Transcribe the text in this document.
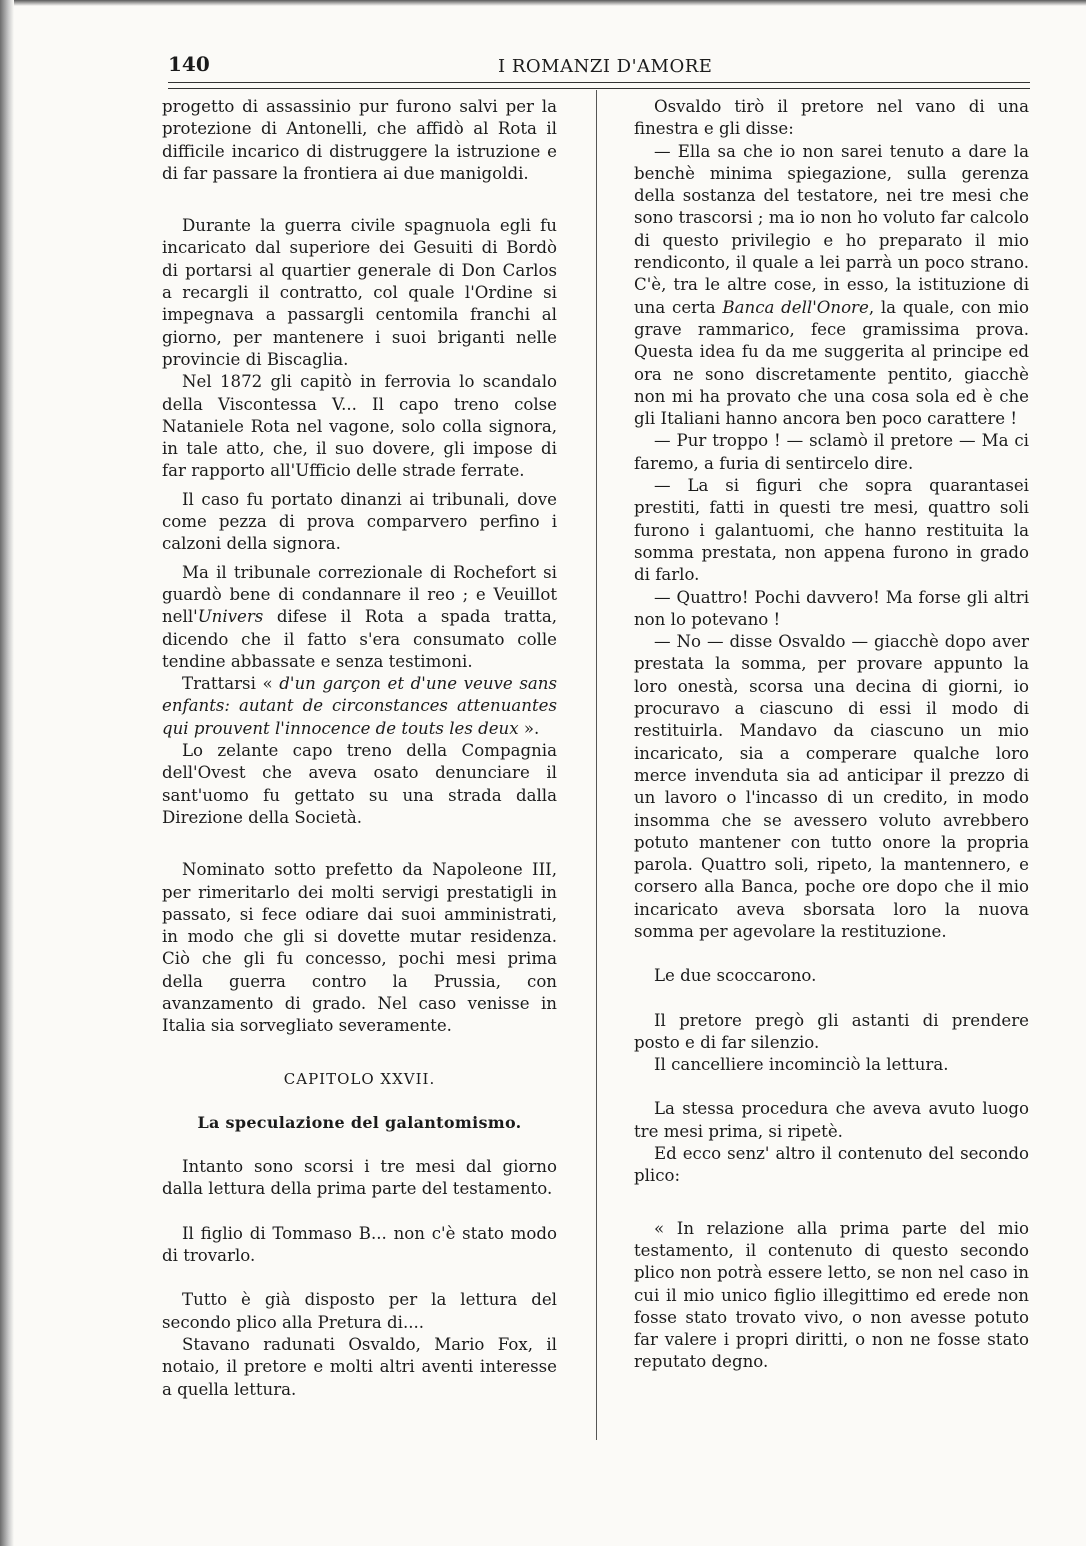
140	I ROMANZI D'AMORE

progetto di assassinio pur furono salvi per la protezione di Antonelli, che affidò al Rota il difficile incarico di distruggere la istruzione e di far passare la frontiera ai due manigoldi.

Durante la guerra civile spagnuola egli fu incaricato dal superiore dei Gesuiti di Bordò di portarsi al quartier generale di Don Carlos a recargli il contratto, col quale l'Ordine si impegnava a passargli centomila franchi al giorno, per mantenere i suoi briganti nelle provincie di Biscaglia.

Nel 1872 gli capitò in ferrovia lo scandalo della Viscontessa V... Il capo treno colse Nataniele Rota nel vagone, solo colla signora, in tale atto, che, il suo dovere, gli impose di far rapporto all'Ufficio delle strade ferrate.

Il caso fu portato dinanzi ai tribunali, dove come pezza di prova comparvero perfino i calzoni della signora.

Ma il tribunale correzionale di Rochefort si guardò bene di condannare il reo ; e Veuillot nell'Univers difese il Rota a spada tratta, dicendo che il fatto s'era consumato colle tendine abbassate e senza testimoni.

Trattarsi « d'un garçon et d'une veuve sans enfants: autant de circonstances attenuantes qui prouvent l'innocence de touts les deux ».

Lo zelante capo treno della Compagnia dell'Ovest che aveva osato denunciare il sant'uomo fu gettato su una strada dalla Direzione della Società.

Nominato sotto prefetto da Napoleone III, per rimeritarlo dei molti servigi prestatigli in passato, si fece odiare dai suoi amministrati, in modo che gli si dovette mutar residenza. Ciò che gli fu concesso, pochi mesi prima della guerra contro la Prussia, con avanzamento di grado. Nel caso venisse in Italia sia sorvegliato severamente.

CAPITOLO XXVII.

La speculazione del galantomismo.

Intanto sono scorsi i tre mesi dal giorno dalla lettura della prima parte del testamento.

Il figlio di Tommaso B... non c'è stato modo di trovarlo.

Tutto è già disposto per la lettura del secondo plico alla Pretura di....

Stavano radunati Osvaldo, Mario Fox, il notaio, il pretore e molti altri aventi interesse a quella lettura.

Osvaldo tirò il pretore nel vano di una finestra e gli disse:

— Ella sa che io non sarei tenuto a dare la benchè minima spiegazione, sulla gerenza della sostanza del testatore, nei tre mesi che sono trascorsi ; ma io non ho voluto far calcolo di questo privilegio e ho preparato il mio rendiconto, il quale a lei parrà un poco strano. C'è, tra le altre cose, in esso, la istituzione di una certa Banca dell'Onore, la quale, con mio grave rammarico, fece gramissima prova. Questa idea fu da me suggerita al principe ed ora ne sono discretamente pentito, giacchè non mi ha provato che una cosa sola ed è che gli Italiani hanno ancora ben poco carattere !

— Pur troppo ! — sclamò il pretore — Ma ci faremo, a furia di sentircelo dire.

— La si figuri che sopra quarantasei prestiti, fatti in questi tre mesi, quattro soli furono i galantuomi, che hanno restituita la somma prestata, non appena furono in grado di farlo.

— Quattro! Pochi davvero! Ma forse gli altri non lo potevano !

— No — disse Osvaldo — giacchè dopo aver prestata la somma, per provare appunto la loro onestà, scorsa una decina di giorni, io procuravo a ciascuno di essi il modo di restituirla. Mandavo da ciascuno un mio incaricato, sia a comperare qualche loro merce invenduta sia ad anticipar il prezzo di un lavoro o l'incasso di un credito, in modo insomma che se avessero voluto avrebbero potuto mantener con tutto onore la propria parola. Quattro soli, ripeto, la mantennero, e corsero alla Banca, poche ore dopo che il mio incaricato aveva sborsata loro la nuova somma per agevolare la restituzione.

Le due scoccarono.

Il pretore pregò gli astanti di prendere posto e di far silenzio.

Il cancelliere incominciò la lettura.

La stessa procedura che aveva avuto luogo tre mesi prima, si ripetè.

Ed ecco senz' altro il contenuto del secondo plico:

« In relazione alla prima parte del mio testamento, il contenuto di questo secondo plico non potrà essere letto, se non nel caso in cui il mio unico figlio illegittimo ed erede non fosse stato trovato vivo, o non avesse potuto far valere i propri diritti, o non ne fosse stato reputato degno.
